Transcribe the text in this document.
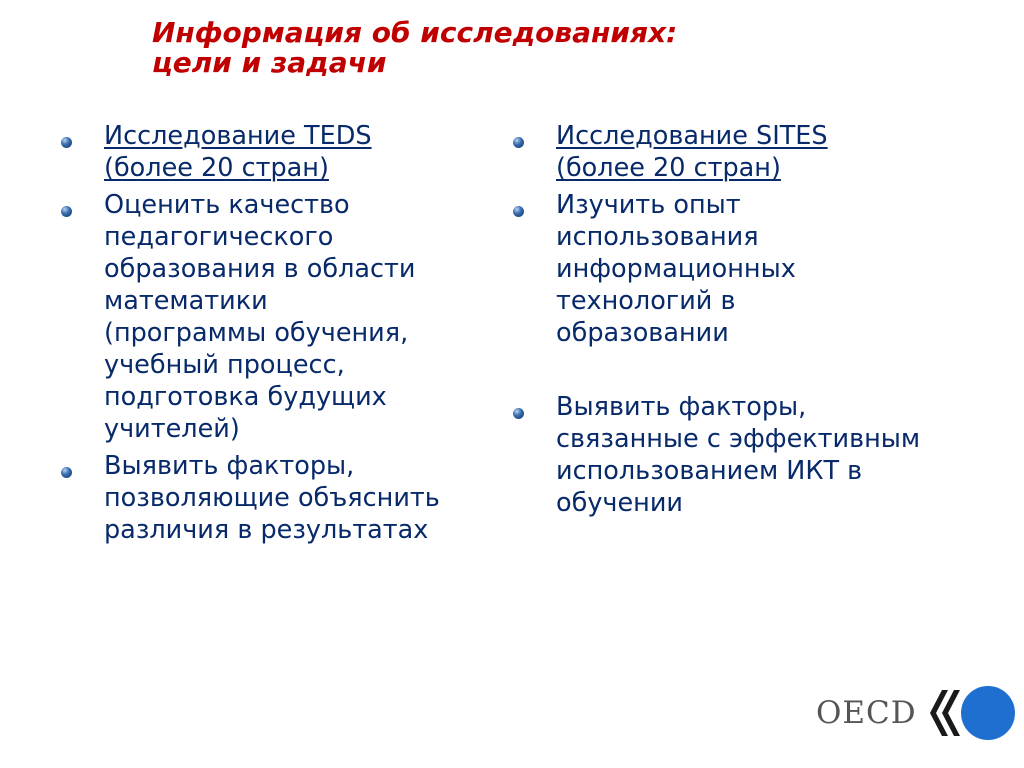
Информация об исследованиях:
цели и задачи
Исследование TEDS
(более 20 стран)
Оценить качество педагогического образования в области математики (программы обучения, учебный процесс, подготовка будущих учителей)
Выявить факторы, позволяющие объяснить различия в результатах
Исследование SITES
(более 20 стран)
Изучить опыт использования информационных технологий в образовании
Выявить факторы, связанные с эффективным использованием ИКТ в обучении
OECD
